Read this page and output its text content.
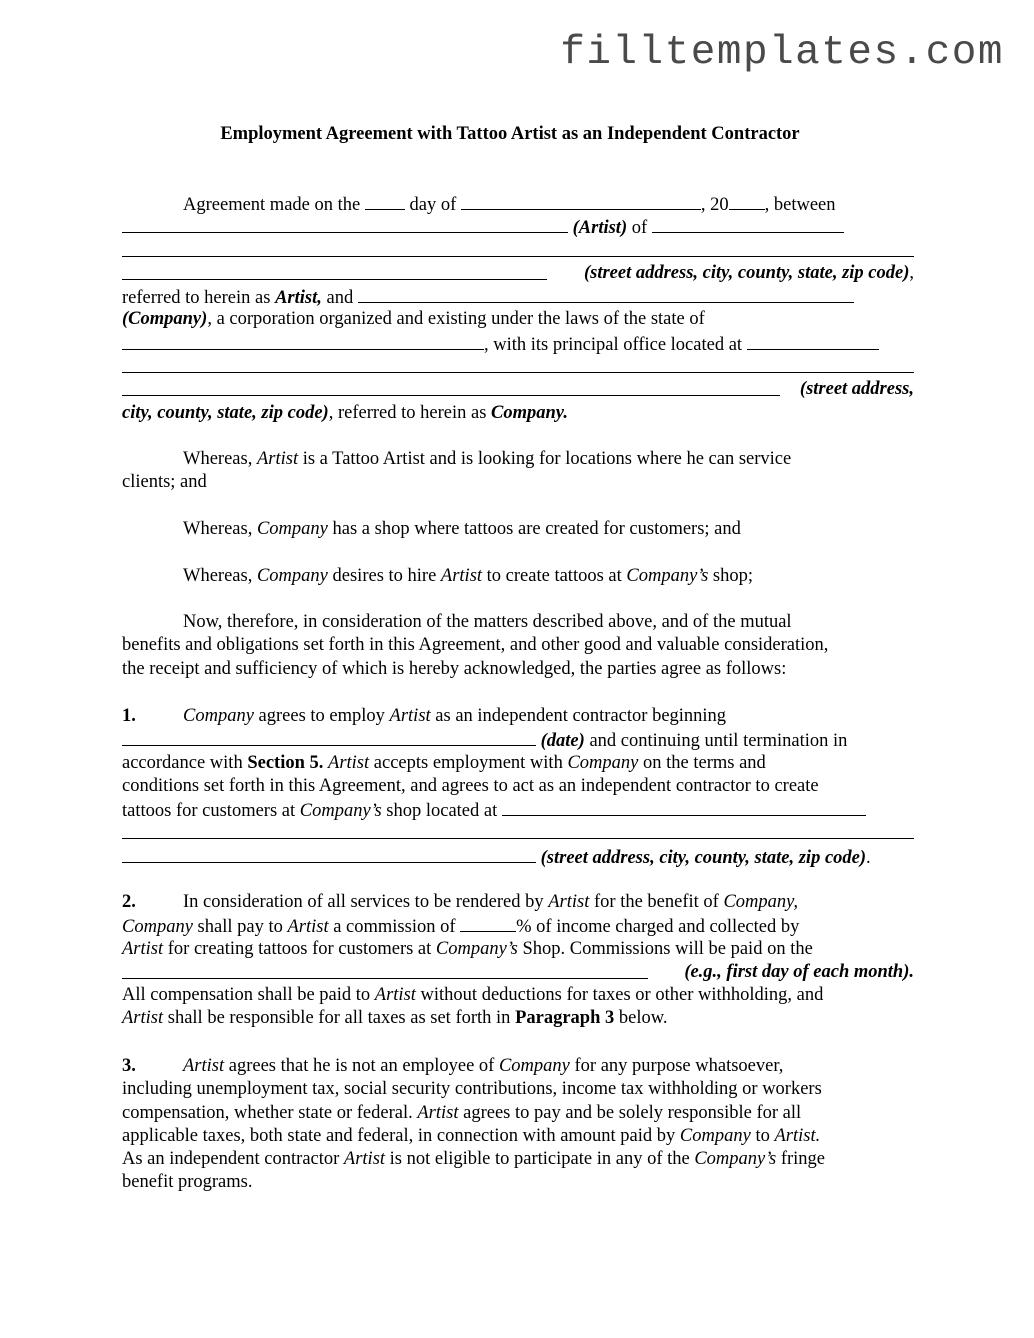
filltemplates.com
Employment Agreement with Tattoo Artist as an Independent Contractor
Agreement made on the	day of	, 20 , between
(Artist) of
(street address, city, county, state, zip code),
referred to herein as Artist, and
(Company), a corporation organized and existing under the laws of the state of
, with its principal office located at
(street address,
city, county, state, zip code), referred to herein as Company.
Whereas, Artist is a Tattoo Artist and is looking for locations where he can service
clients; and
Whereas, Company has a shop where tattoos are created for customers; and
Whereas, Company desires to hire Artist to create tattoos at Company’s shop;
Now, therefore, in consideration of the matters described above, and of the mutual
benefits and obligations set forth in this Agreement, and other good and valuable consideration,
the receipt and sufficiency of which is hereby acknowledged, the parties agree as follows:
1.	Company agrees to employ Artist as an independent contractor beginning
(date) and continuing until termination in
accordance with Section 5. Artist accepts employment with Company on the terms and
conditions set forth in this Agreement, and agrees to act as an independent contractor to create
tattoos for customers at Company’s shop located at
(street address, city, county, state, zip code).
2.	In consideration of all services to be rendered by Artist for the benefit of Company,
Company shall pay to Artist a commission of	% of income charged and collected by
Artist for creating tattoos for customers at Company’s Shop. Commissions will be paid on the
(e.g., first day of each month).
All compensation shall be paid to Artist without deductions for taxes or other withholding, and
Artist shall be responsible for all taxes as set forth in Paragraph 3 below.
3.	Artist agrees that he is not an employee of Company for any purpose whatsoever,
including unemployment tax, social security contributions, income tax withholding or workers
compensation, whether state or federal. Artist agrees to pay and be solely responsible for all
applicable taxes, both state and federal, in connection with amount paid by Company to Artist.
As an independent contractor Artist is not eligible to participate in any of the Company’s fringe
benefit programs.
